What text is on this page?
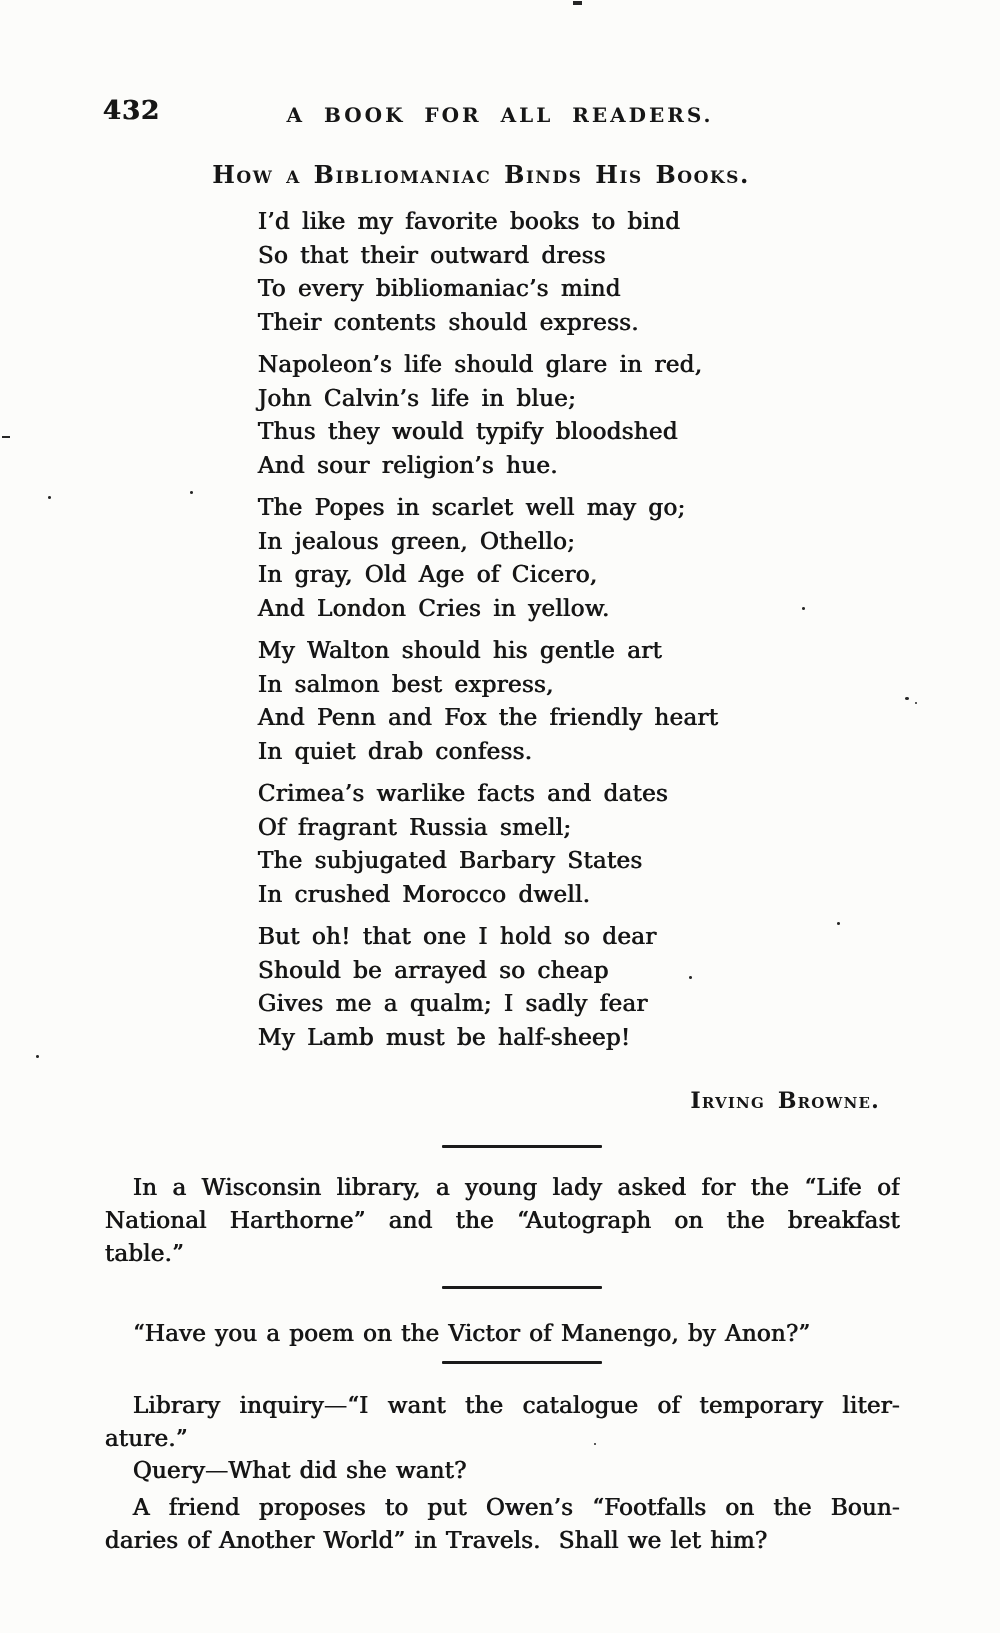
432	A BOOK FOR ALL READERS.
How a Bibliomaniac Binds His Books.
I’d like my favorite books to bind
So that their outward dress
To every bibliomaniac’s mind
Their contents should express.
Napoleon’s life should glare in red,
John Calvin’s life in blue;
Thus they would typify bloodshed
And sour religion’s hue.
The Popes in scarlet well may go;
In jealous green, Othello;
In gray, Old Age of Cicero,
And London Cries in yellow.
My Walton should his gentle art
In salmon best express,
And Penn and Fox the friendly heart
In quiet drab confess.
Crimea’s warlike facts and dates
Of fragrant Russia smell;
The subjugated Barbary States
In crushed Morocco dwell.
But oh! that one I hold so dear
Should be arrayed so cheap
Gives me a qualm; I sadly fear
My Lamb must be half-sheep!
Irving Browne.
In a Wisconsin library, a young lady asked for the “Life of
National Harthorne” and the “Autograph on the breakfast
table.”
“Have you a poem on the Victor of Manengo, by Anon?”
Library inquiry—“I want the catalogue of temporary liter-
ature.”
Query—What did she want?
A friend proposes to put Owen’s “Footfalls on the Boun-
daries of Another World” in Travels.  Shall we let him?
